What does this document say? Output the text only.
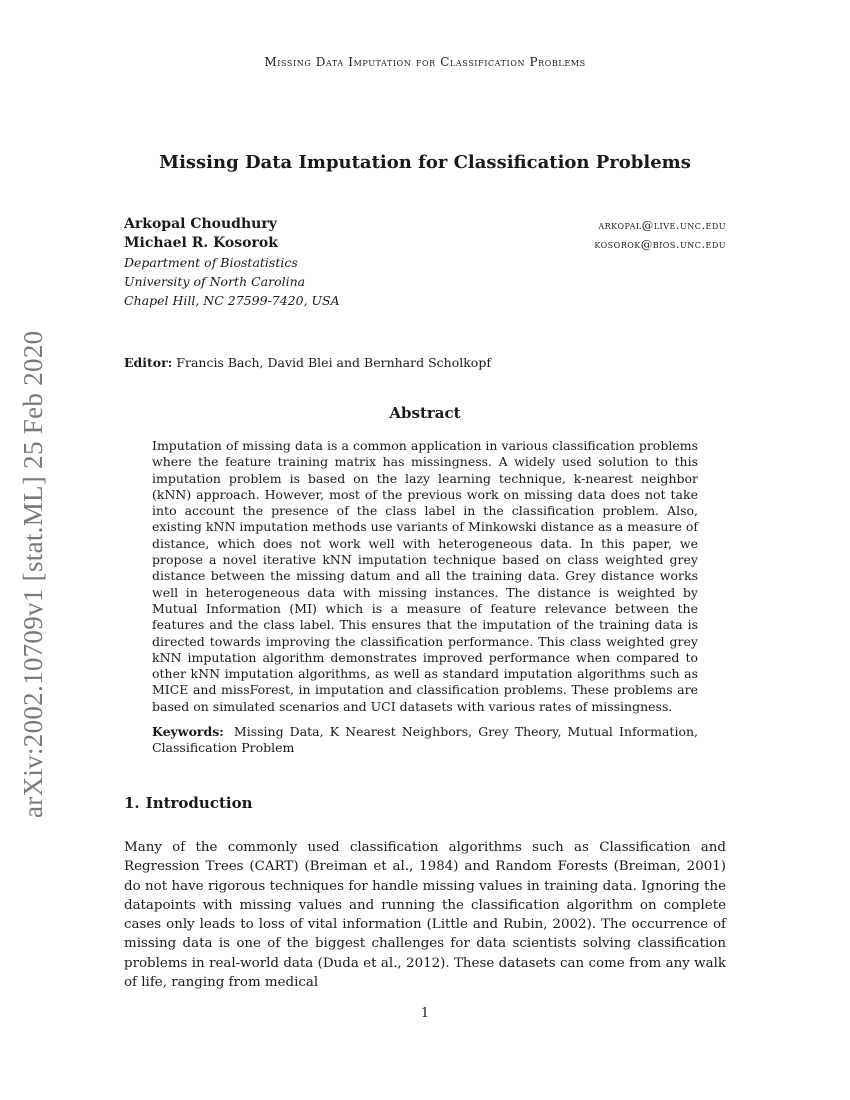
Missing Data Imputation for Classification Problems
arXiv:2002.10709v1 [stat.ML] 25 Feb 2020
Missing Data Imputation for Classification Problems
Arkopal Choudhury	arkopal@live.unc.edu
Michael R. Kosorok	kosorok@bios.unc.edu
Department of Biostatistics
University of North Carolina
Chapel Hill, NC 27599-7420, USA
Editor: Francis Bach, David Blei and Bernhard Scholkopf
Abstract
Imputation of missing data is a common application in various classification problems where the feature training matrix has missingness. A widely used solution to this imputation problem is based on the lazy learning technique, k-nearest neighbor (kNN) approach. However, most of the previous work on missing data does not take into account the presence of the class label in the classification problem. Also, existing kNN imputation methods use variants of Minkowski distance as a measure of distance, which does not work well with heterogeneous data. In this paper, we propose a novel iterative kNN imputation technique based on class weighted grey distance between the missing datum and all the training data. Grey distance works well in heterogeneous data with missing instances. The distance is weighted by Mutual Information (MI) which is a measure of feature relevance between the features and the class label. This ensures that the imputation of the training data is directed towards improving the classification performance. This class weighted grey kNN imputation algorithm demonstrates improved performance when compared to other kNN imputation algorithms, as well as standard imputation algorithms such as MICE and missForest, in imputation and classification problems. These problems are based on simulated scenarios and UCI datasets with various rates of missingness.
Keywords: Missing Data, K Nearest Neighbors, Grey Theory, Mutual Information, Classification Problem
1. Introduction
Many of the commonly used classification algorithms such as Classification and Regression Trees (CART) (Breiman et al., 1984) and Random Forests (Breiman, 2001) do not have rigorous techniques for handle missing values in training data. Ignoring the datapoints with missing values and running the classification algorithm on complete cases only leads to loss of vital information (Little and Rubin, 2002). The occurrence of missing data is one of the biggest challenges for data scientists solving classification problems in real-world data (Duda et al., 2012). These datasets can come from any walk of life, ranging from medical
1
